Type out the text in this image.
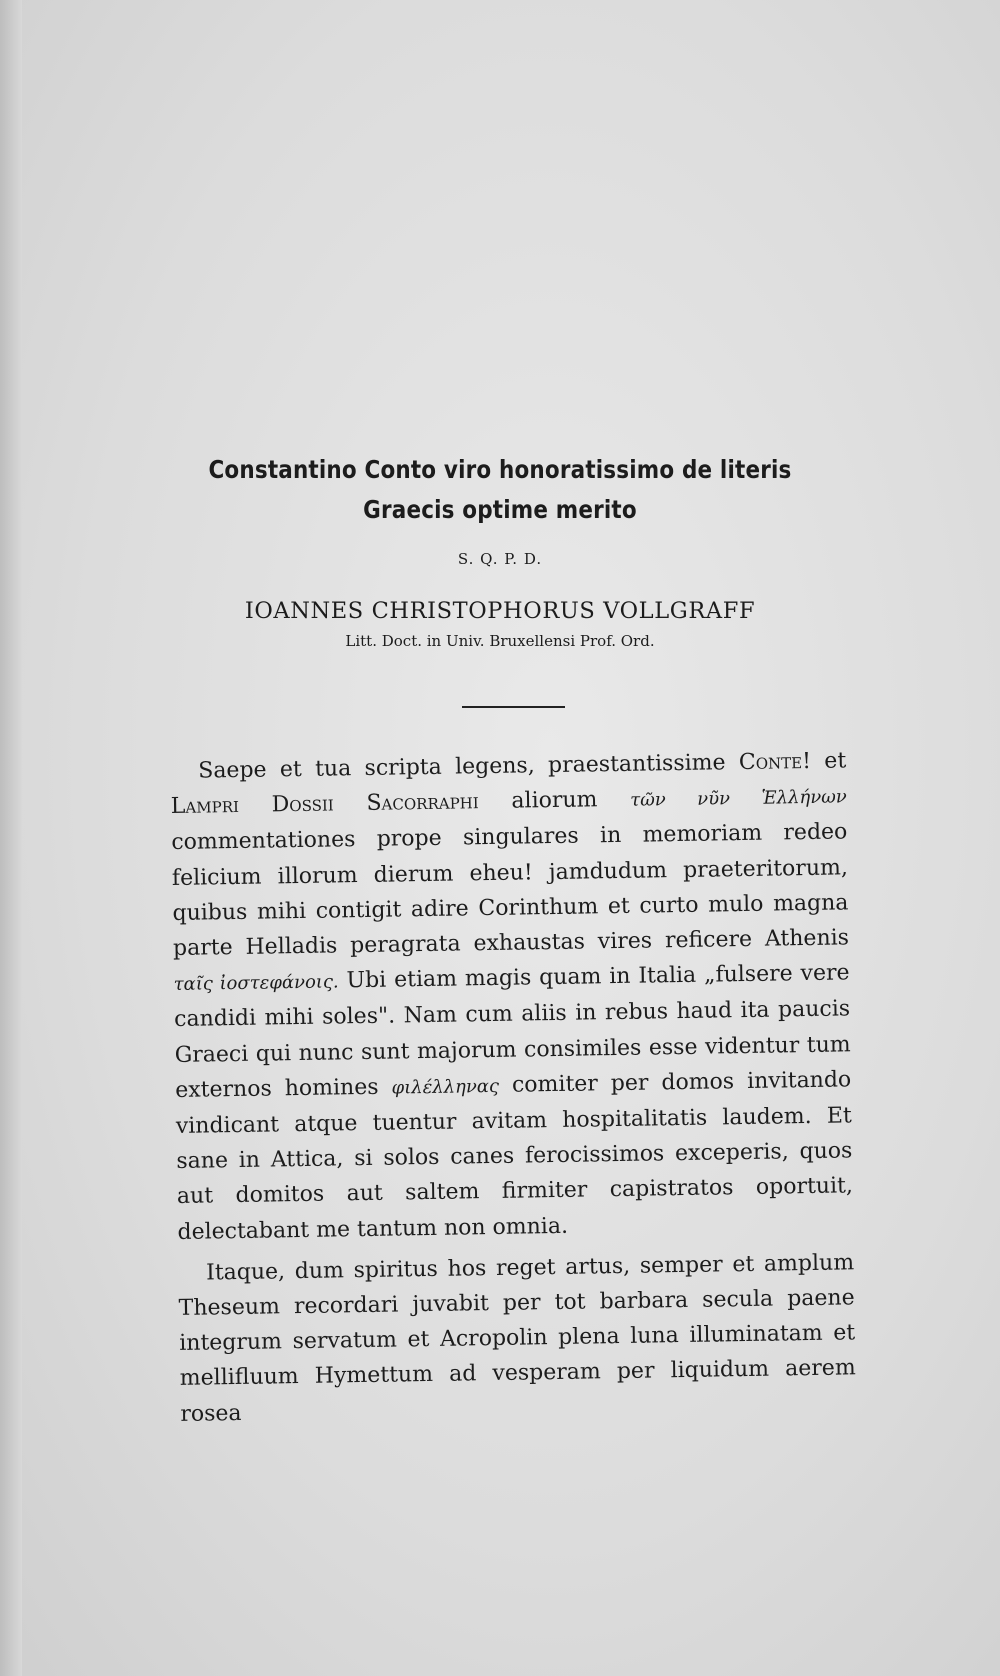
Constantino Conto viro honoratissimo de literis
Graecis optime merito
S. Q. P. D.
IOANNES CHRISTOPHORUS VOLLGRAFF
Litt. Doct. in Univ. Bruxellensi Prof. Ord.

Saepe et tua scripta legens, praestantissime Conte! et Lampri Dossii Sacorraphi aliorum τῶν νῦν Ἑλλήνων commentationes prope singulares in memoriam redeo felicium illorum dierum eheu! jamdudum praeteritorum, quibus mihi contigit adire Corinthum et curto mulo magna parte Helladis peragrata exhaustas vires reficere Athenis ταῖς ἰοστεφάνοις. Ubi etiam magis quam in Italia „fulsere vere candidi mihi soles". Nam cum aliis in rebus haud ita paucis Graeci qui nunc sunt majorum consimiles esse videntur tum externos homines φιλέλληνας comiter per domos invitando vindicant atque tuentur avitam hospitalitatis laudem. Et sane in Attica, si solos canes ferocissimos exceperis, quos aut domitos aut saltem firmiter capistratos oportuit, delectabant me tantum non omnia.

Itaque, dum spiritus hos reget artus, semper et amplum Theseum recordari juvabit per tot barbara secula paene integrum servatum et Acropolin plena luna illuminatam et mellifluum Hymettum ad vesperam per liquidum aerem rosea
